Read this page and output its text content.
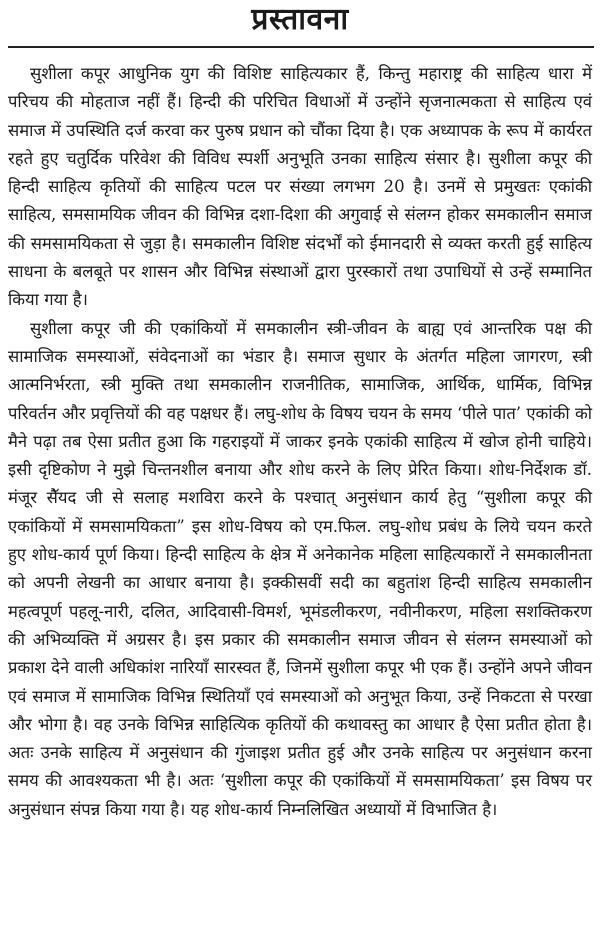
प्रस्तावना

सुशीला कपूर आधुनिक युग की विशिष्ट साहित्यकार हैं, किन्तु महाराष्ट्र की साहित्य धारा में परिचय की मोहताज नहीं हैं। हिन्दी की परिचित विधाओं में उन्होंने सृजनात्मकता से साहित्य एवं समाज में उपस्थिति दर्ज करवा कर पुरुष प्रधान को चौंका दिया है। एक अध्यापक के रूप में कार्यरत रहते हुए चतुर्दिक परिवेश की विविध स्पर्शी अनुभूति उनका साहित्य संसार है। सुशीला कपूर की हिन्दी साहित्य कृतियों की साहित्य पटल पर संख्या लगभग 20 है। उनमें से प्रमुखतः एकांकी साहित्य, समसामयिक जीवन की विभिन्न दशा-दिशा की अगुवाई से संलग्न होकर समकालीन समाज की समसामयिकता से जुड़ा है। समकालीन विशिष्ट संदर्भों को ईमानदारी से व्यक्त करती हुई साहित्य साधना के बलबूते पर शासन और विभिन्न संस्थाओं द्वारा पुरस्कारों तथा उपाधियों से उन्हें सम्मानित किया गया है।

सुशीला कपूर जी की एकांकियों में समकालीन स्त्री-जीवन के बाह्य एवं आन्तरिक पक्ष की सामाजिक समस्याओं, संवेदनाओं का भंडार है। समाज सुधार के अंतर्गत महिला जागरण, स्त्री आत्मनिर्भरता, स्त्री मुक्ति तथा समकालीन राजनीतिक, सामाजिक, आर्थिक, धार्मिक, विभिन्न परिवर्तन और प्रवृत्तियों की वह पक्षधर हैं। लघु-शोध के विषय चयन के समय ‘पीले पात’ एकांकी को मैने पढ़ा तब ऐसा प्रतीत हुआ कि गहराइयों में जाकर इनके एकांकी साहित्य में खोज होनी चाहिये। इसी दृष्टिकोण ने मुझे चिन्तनशील बनाया और शोध करने के लिए प्रेरित किया। शोध-निर्देशक डॉ. मंजूर सैॅयद जी से सलाह मशविरा करने के पश्चात् अनुसंधान कार्य हेतु “सुशीला कपूर की एकांकियों में समसामयिकता” इस शोध-विषय को एम.फिल. लघु-शोध प्रबंध के लिये चयन करते हुए शोध-कार्य पूर्ण किया। हिन्दी साहित्य के क्षेत्र में अनेकानेक महिला साहित्यकारों ने समकालीनता को अपनी लेखनी का आधार बनाया है। इक्कीसवीं सदी का बहुतांश हिन्दी साहित्य समकालीन महत्वपूर्ण पहलू-नारी, दलित, आदिवासी-विमर्श, भूमंडलीकरण, नवीनीकरण, महिला सशक्तिकरण की अभिव्यक्ति में अग्रसर है। इस प्रकार की समकालीन समाज जीवन से संलग्न समस्याओं को प्रकाश देने वाली अधिकांश नारियाँ सारस्वत हैं, जिनमें सुशीला कपूर भी एक हैं। उन्होंने अपने जीवन एवं समाज में सामाजिक विभिन्न स्थितियाँ एवं समस्याओं को अनुभूत किया, उन्हें निकटता से परखा और भोगा है। वह उनके विभिन्न साहित्यिक कृतियों की कथावस्तु का आधार है ऐसा प्रतीत होता है। अतः उनके साहित्य में अनुसंधान की गुंजाइश प्रतीत हुई और उनके साहित्य पर अनुसंधान करना समय की आवश्यकता भी है। अतः ‘सुशीला कपूर की एकांकियों में समसामयिकता’ इस विषय पर अनुसंधान संपन्न किया गया है। यह शोध-कार्य निम्नलिखित अध्यायों में विभाजित है।
